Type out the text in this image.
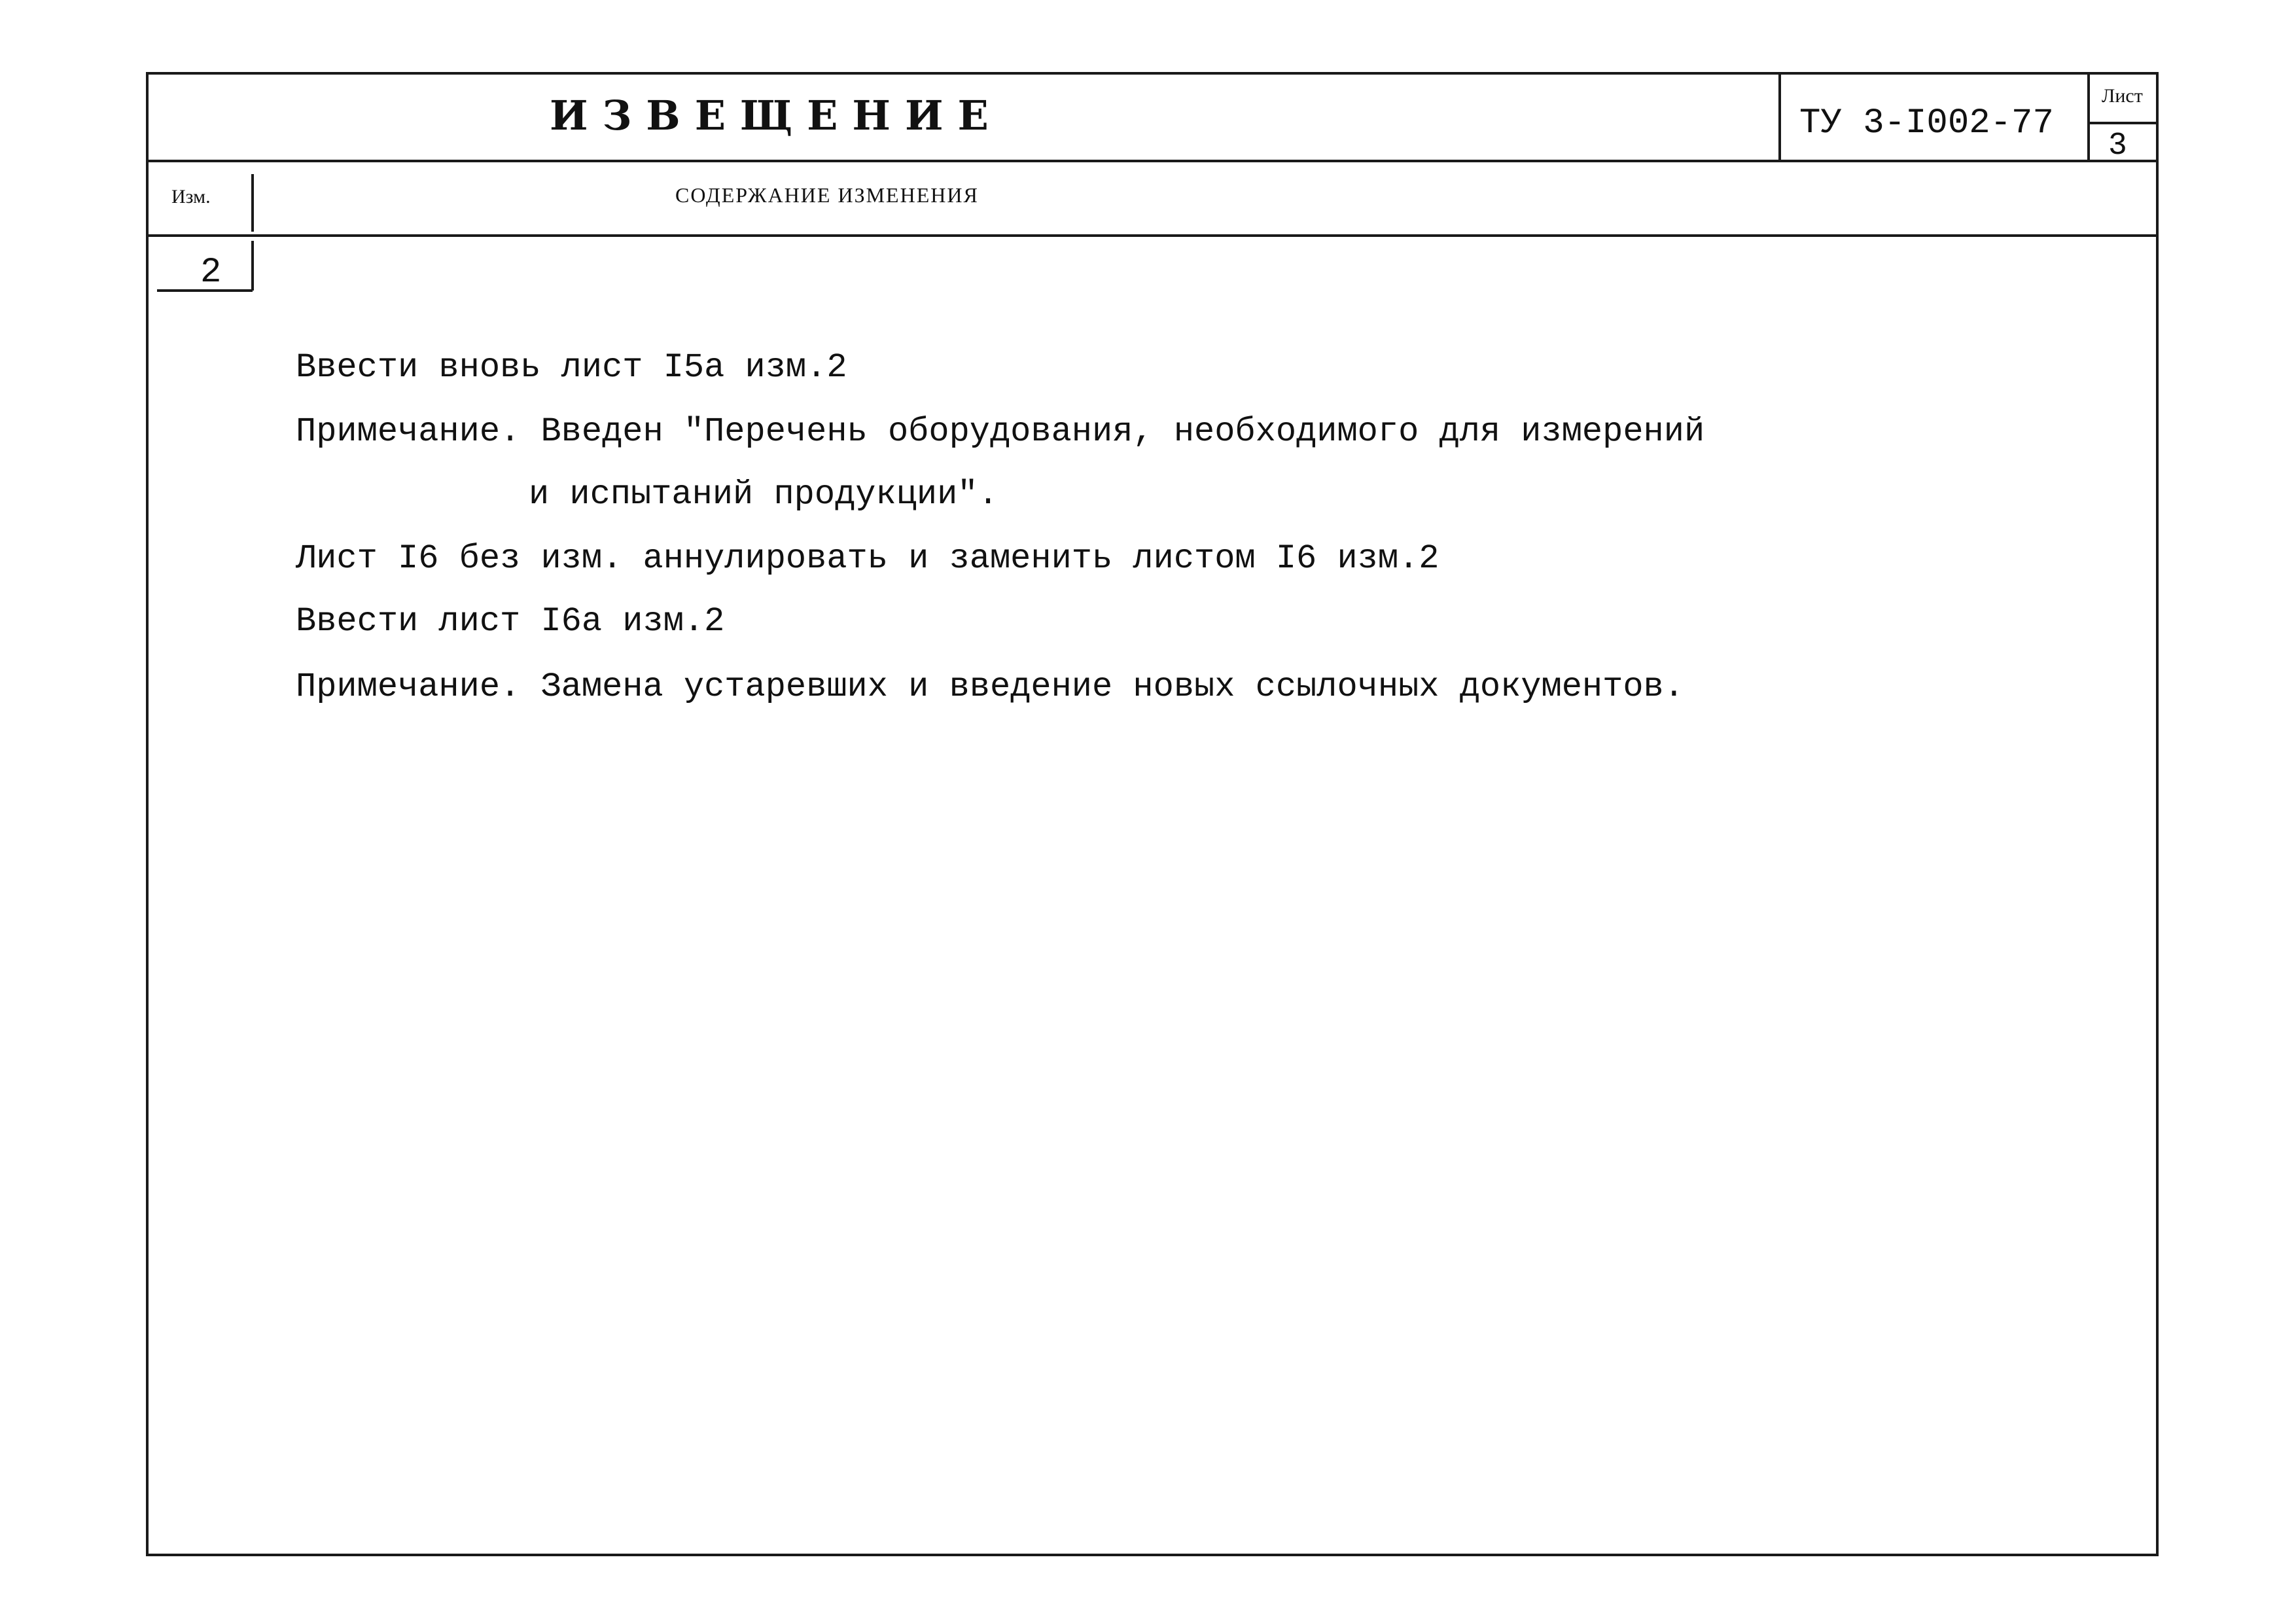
ИЗВЕЩЕНИЕ	ТУ 3-I002-77
Лист
3
Изм.	СОДЕРЖАНИЕ ИЗМЕНЕНИЯ
2
Ввести вновь лист I5а изм.2
Примечание. Введен "Перечень оборудования, необходимого для измерений
и испытаний продукции".
Лист I6 без изм. аннулировать и заменить листом I6 изм.2
Ввести лист I6а изм.2
Примечание. Замена устаревших и введение новых ссылочных документов.
